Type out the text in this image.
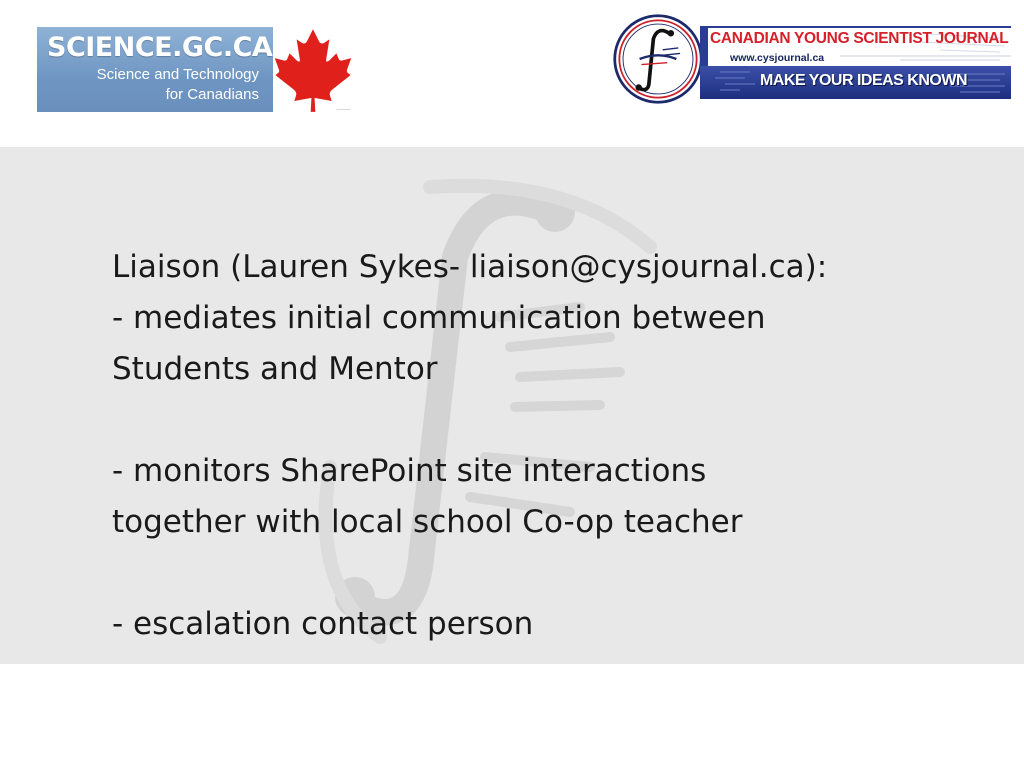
SCIENCE.GC.CA
Science and Technology
for Canadians
CANADIAN YOUNG SCIENTIST JOURNAL
www.cysjournal.ca
MAKE YOUR IDEAS KNOWN
Liaison (Lauren Sykes- liaison@cysjournal.ca):
- mediates initial communication between
Students and Mentor
- monitors SharePoint site interactions
together with local school Co-op teacher
- escalation contact person
